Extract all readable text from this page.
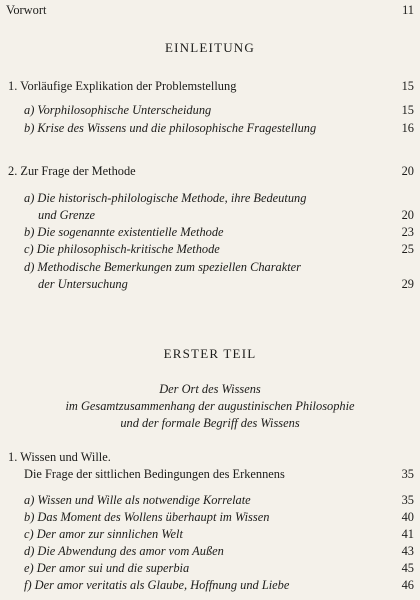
Vorwort	11
EINLEITUNG
1. Vorläufige Explikation der Problemstellung	15
a) Vorphilosophische Unterscheidung	15
b) Krise des Wissens und die philosophische Fragestellung	16
2. Zur Frage der Methode	20
a) Die historisch-philologische Methode, ihre Bedeutung
und Grenze	20
b) Die sogenannte existentielle Methode	23
c) Die philosophisch-kritische Methode	25
d) Methodische Bemerkungen zum speziellen Charakter
der Untersuchung	29
ERSTER TEIL
Der Ort des Wissens
im Gesamtzusammenhang der augustinischen Philosophie
und der formale Begriff des Wissens
1. Wissen und Wille.
Die Frage der sittlichen Bedingungen des Erkennens	35
a) Wissen und Wille als notwendige Korrelate	35
b) Das Moment des Wollens überhaupt im Wissen	40
c) Der amor zur sinnlichen Welt	41
d) Die Abwendung des amor vom Außen	43
e) Der amor sui und die superbia	45
f) Der amor veritatis als Glaube, Hoffnung und Liebe	46
